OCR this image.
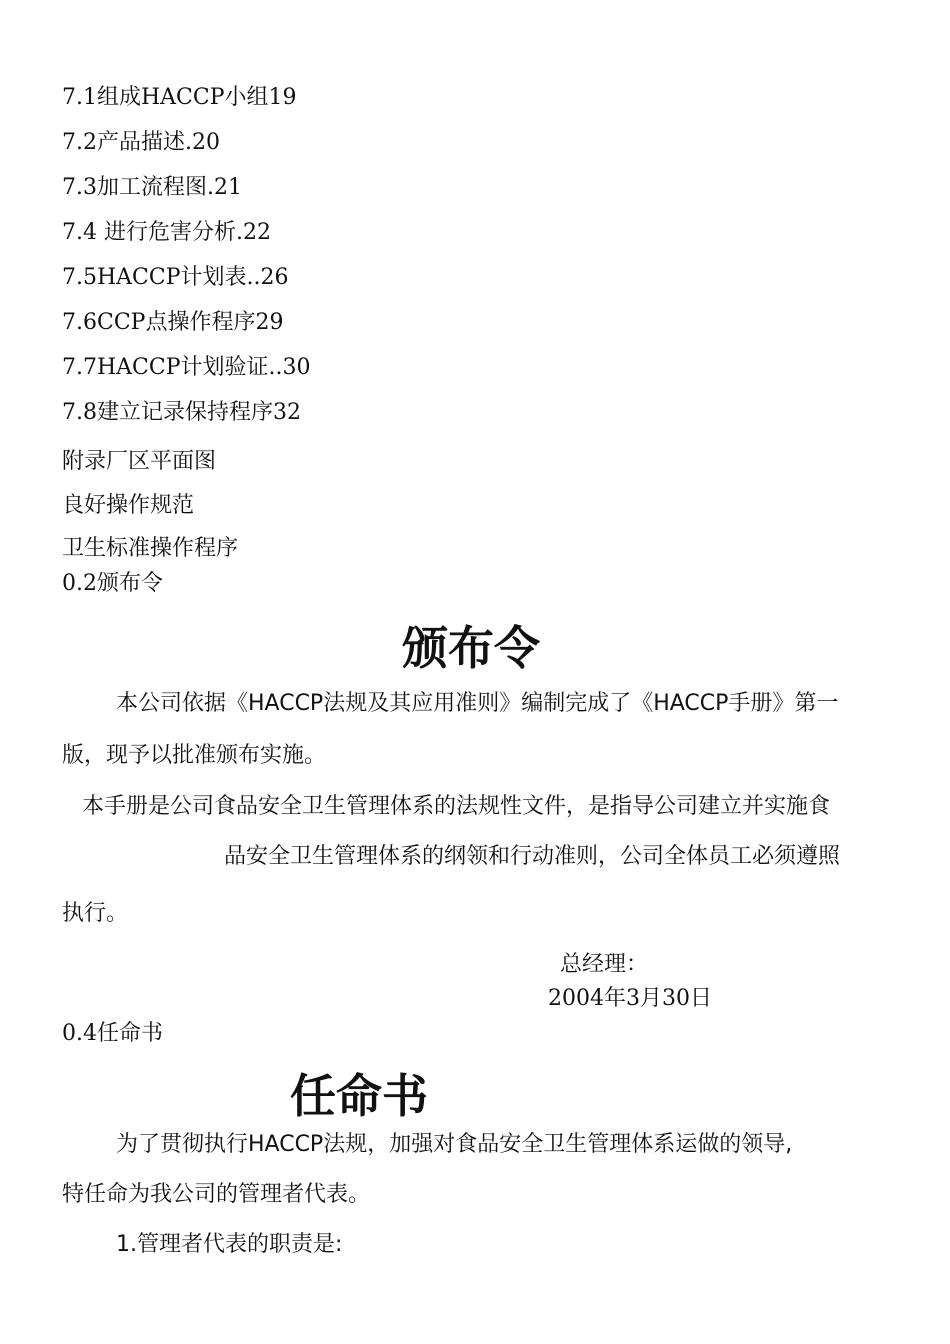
7.1组成HACCP小组19
7.2产品描述.20
7.3加工流程图.21
7.4 进行危害分析.22
7.5HACCP计划表..26
7.6CCP点操作程序29
7.7HACCP计划验证..30
7.8建立记录保持程序32
附录厂区平面图
良好操作规范
卫生标准操作程序
0.2颁布令
颁布令
本公司依据《HACCP法规及其应用准则》编制完成了《HACCP手册》第一
版，现予以批准颁布实施。
本手册是公司食品安全卫生管理体系的法规性文件，是指导公司建立并实施食
品安全卫生管理体系的纲领和行动准则，公司全体员工必须遵照
执行。
总经理：
2004年3月30日
0.4任命书
任命书
为了贯彻执行HACCP法规，加强对食品安全卫生管理体系运做的领导,
特任命为我公司的管理者代表。
1.管理者代表的职责是:
